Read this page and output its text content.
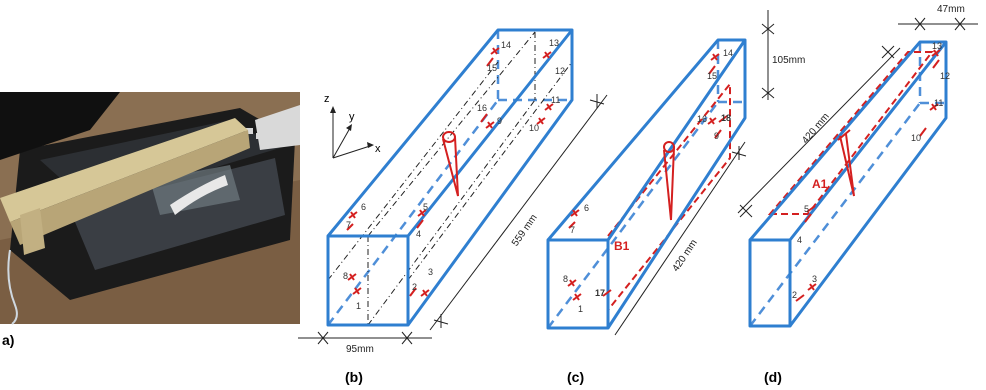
a)
1
2
3
4
5
6
7
8
9
10
11
12
13
14
15
16
z
y
x
95mm
559 mm
(b)
1
6
7
8
9
14
15
16
17
18
B1
105mm
420 mm
(c)
2
3
4
5
10
11
12
13
A1
47mm
420 mm
(d)
